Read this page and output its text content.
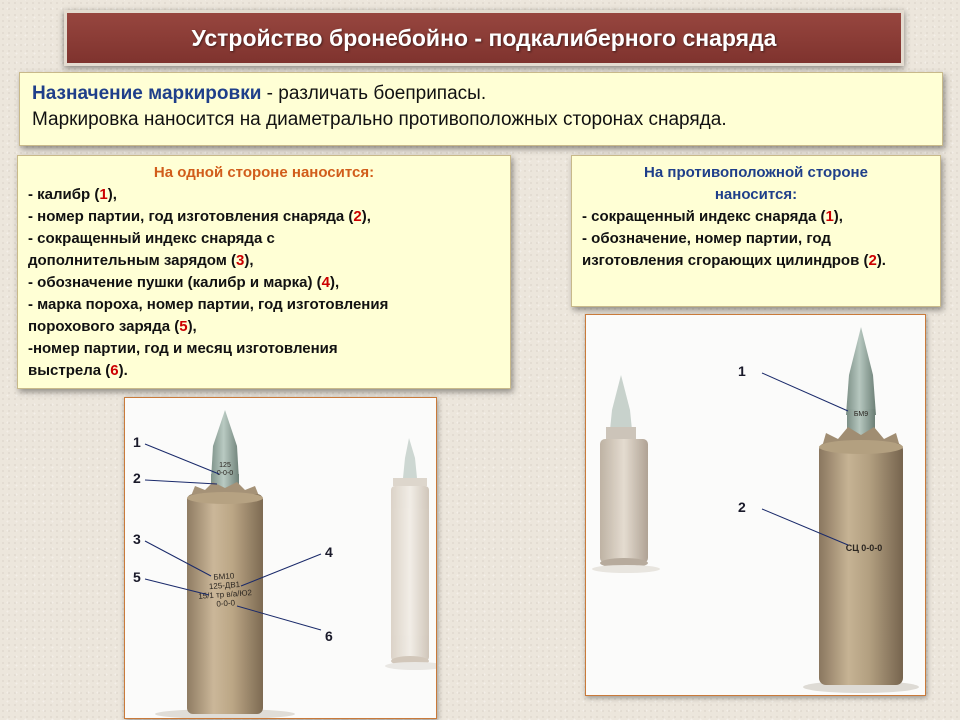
Устройство бронебойно - подкалиберного снаряда
Назначение маркировки - различать боеприпасы.
Маркировка наносится на диаметрально противоположных сторонах снаряда.
На одной стороне наносится:
- калибр (1),
- номер партии, год изготовления снаряда (2),
- сокращенный индекс снаряда с
дополнительным зарядом (3),
- обозначение пушки (калибр и марка) (4),
- марка пороха, номер партии, год изготовления
порохового заряда (5),
-номер партии, год и месяц изготовления
выстрела (6).
На противоположной стороне
наносится:
- сокращенный индекс снаряда (1),
- обозначение, номер партии, год изготовления сгорающих цилиндров (2).
125
0-0-0
БМ10
125-ДВ1
15/1 тр в/а/Ю2
0-0-0
1
2
3
4
5
6
БМ9
СЦ 0-0-0
1
2
